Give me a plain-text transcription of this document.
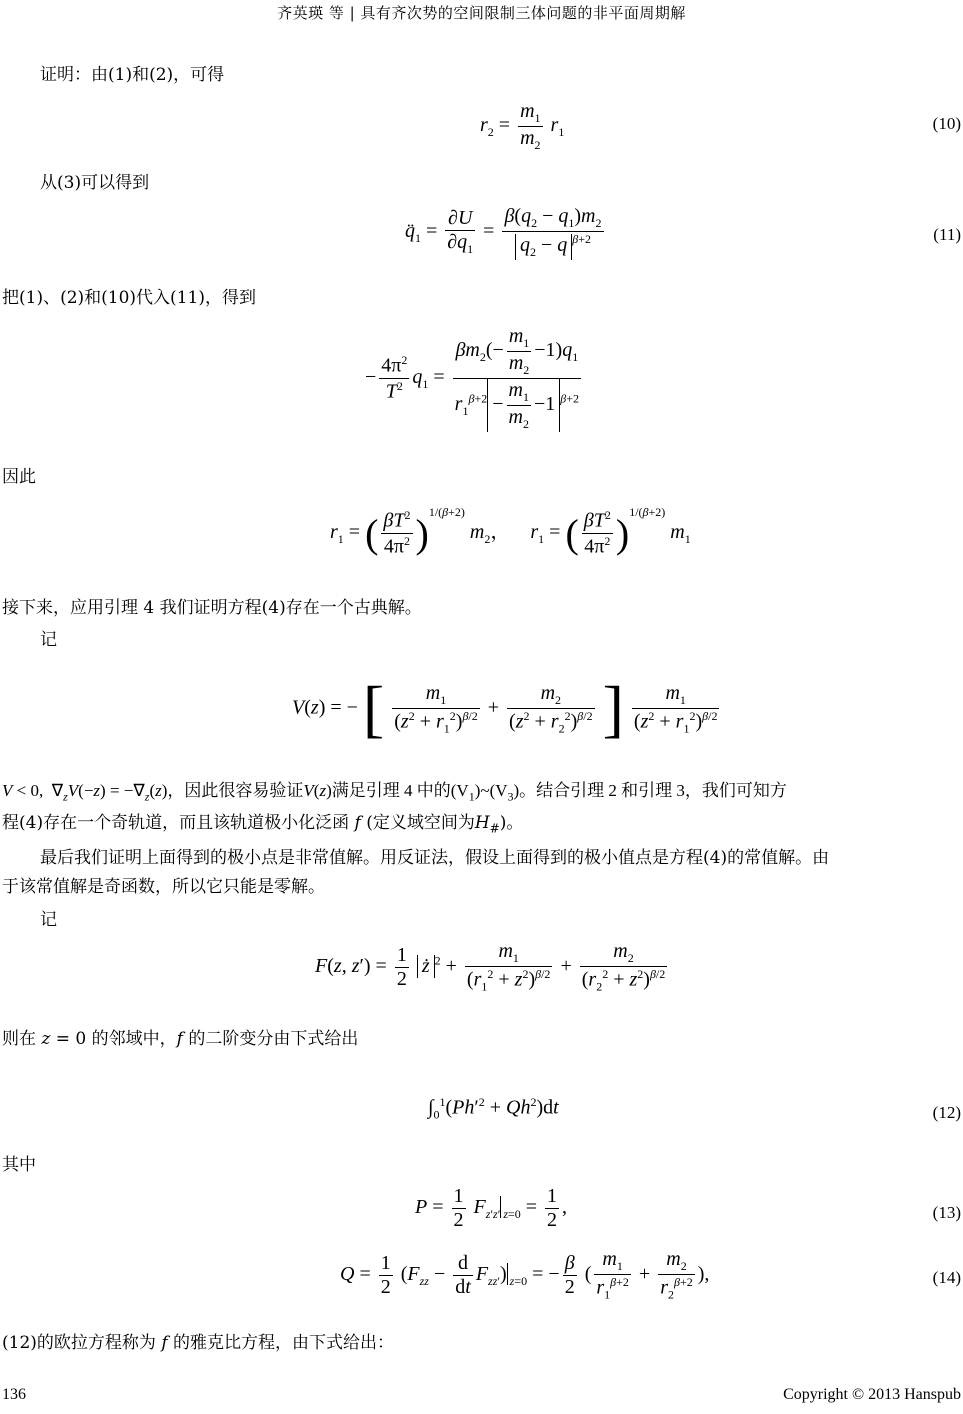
齐英瑛 等 | 具有齐次势的空间限制三体问题的非平面周期解
证明：由(1)和(2)，可得
$r_2 = \frac{m_1}{m_2} r_1$	(10)
从(3)可以得到
$q̈_1 = \frac{\partial U}{\partial q_1} = \frac{\beta(q_2 - q_1)m_2}{q_2 - q ^{\beta+2}}$	(11)
把(1)、(2)和(10)代入(11)，得到
− $\frac{4\pi^2}{T^2} q_1 = \frac{\beta m_2(- \frac{m_1}{m_2} -1)q_1}{r_1^{\beta+2} - \frac{m_1}{m_2} -1 ^{\beta+2}}$
因此
$r_1$ = ( $\frac{\beta T^2}{4\pi^2} )^{1/(\beta+2)}$ $m_2$，    $r_1$ = ( $\frac{\beta T^2}{4\pi^2} )^{1/(\beta+2)}$ $m_1$
接下来，应用引理 4 我们证明方程(4)存在一个古典解。
记
V(z) = − [ $\frac{m_1}{(z^2 + r_1^2)^{\beta/2}} + \frac{m_2}{(z^2 + r_2^2)^{\beta/2}}$ ] $\frac{m_1}{(z^2 + r_1^2)^{\beta/2}}$
V < 0,  $\nabla_zV(-z) = -\nabla_z(z)$，因此很容易验证V(z)满足引理 4 中的$(V_1)\sim(V_3)$。结合引理 2 和引理 3，我们可知方
程(4)存在一个奇轨道，而且该轨道极小化泛函 f (定义域空间为$H_{\#}$)。
最后我们证明上面得到的极小点是非常值解。用反证法，假设上面得到的极小值点是方程(4)的常值解。由
于该常值解是奇函数，所以它只能是零解。
记
F(z, $z') = \frac{1}{2}$ ż $^2 + \frac{m_1}{(r_1^2 + z^2)^{\beta/2}} + \frac{m_2}{(r_2^2 + z^2)^{\beta/2}}$
则在 z = 0 的邻域中，f 的二阶变分由下式给出
$\int_0^1(Ph'^2 + Qh^2)dt$	(12)
其中
$P = \frac{1}{2} F_{z'z'}$ $_{z=0} = \frac{1}{2}$ ,	(13)
$Q = \frac{1}{2} (F_{zz} - \frac{d}{dt} F_{zz'}) _{z=0}$ = − $\frac{\beta}{2}$ ( $\frac{m_1}{r_1^{\beta+2}} + \frac{m_2}{r_2^{\beta+2}}$ ),	(14)
(12)的欧拉方程称为 f 的雅克比方程，由下式给出：
136	Copyright © 2013 Hanspub
